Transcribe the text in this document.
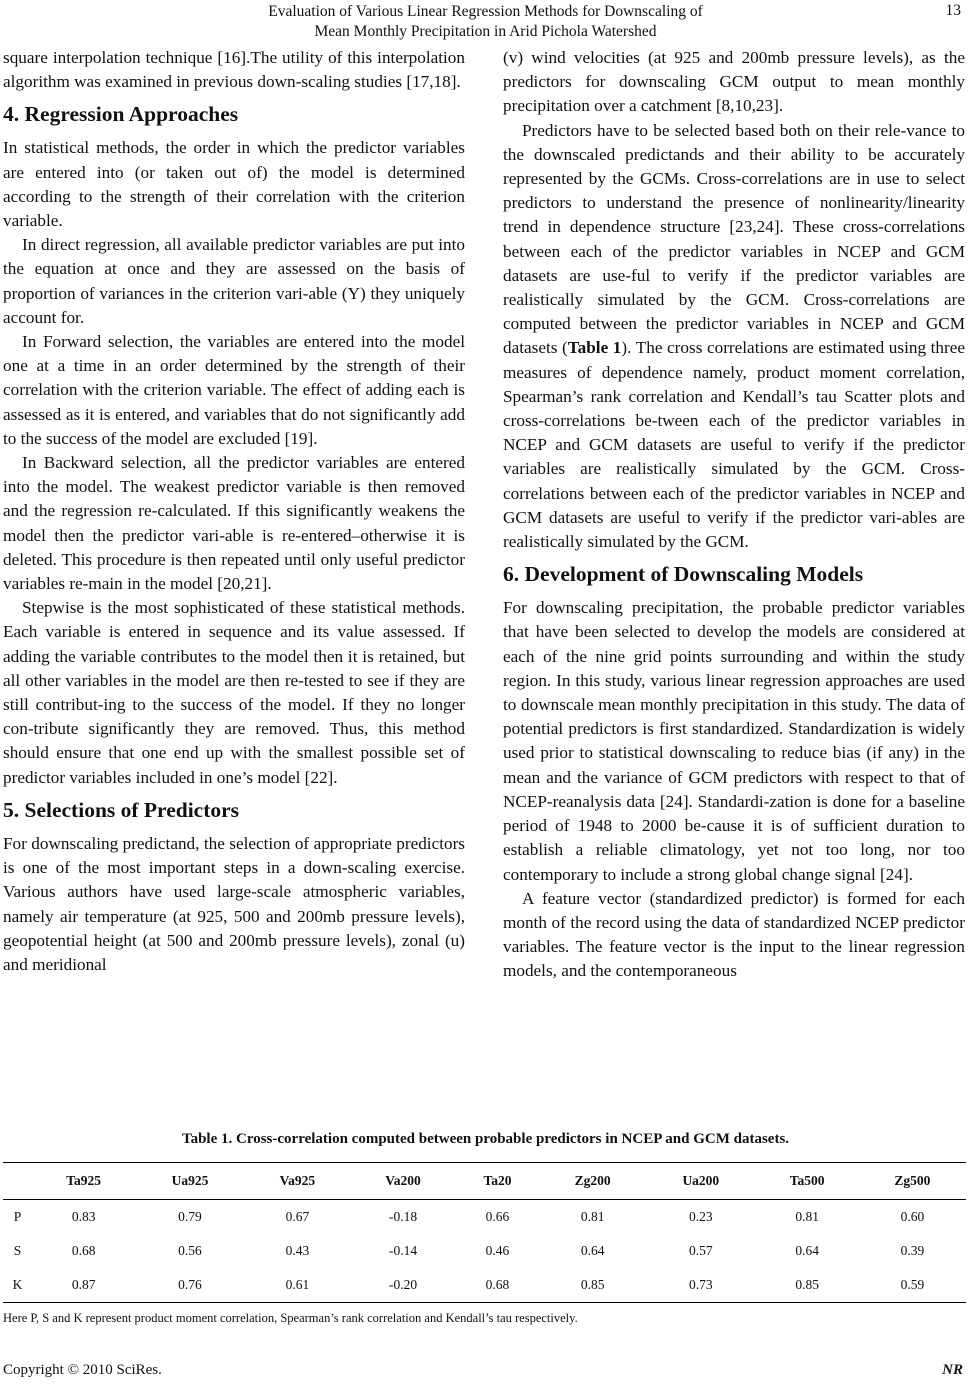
Evaluation of Various Linear Regression Methods for Downscaling of
Mean Monthly Precipitation in Arid Pichola Watershed
13

square interpolation technique [16].The utility of this interpolation algorithm was examined in previous down-scaling studies [17,18].

4. Regression Approaches

In statistical methods, the order in which the predictor variables are entered into (or taken out of) the model is determined according to the strength of their correlation with the criterion variable.

In direct regression, all available predictor variables are put into the equation at once and they are assessed on the basis of proportion of variances in the criterion vari-able (Y) they uniquely account for.

In Forward selection, the variables are entered into the model one at a time in an order determined by the strength of their correlation with the criterion variable. The effect of adding each is assessed as it is entered, and variables that do not significantly add to the success of the model are excluded [19].

In Backward selection, all the predictor variables are entered into the model. The weakest predictor variable is then removed and the regression re-calculated. If this significantly weakens the model then the predictor vari-able is re-entered–otherwise it is deleted. This procedure is then repeated until only useful predictor variables re-main in the model [20,21].

Stepwise is the most sophisticated of these statistical methods. Each variable is entered in sequence and its value assessed. If adding the variable contributes to the model then it is retained, but all other variables in the model are then re-tested to see if they are still contribut-ing to the success of the model. If they no longer con-tribute significantly they are removed. Thus, this method should ensure that one end up with the smallest possible set of predictor variables included in one’s model [22].

5. Selections of Predictors

For downscaling predictand, the selection of appropriate predictors is one of the most important steps in a down-scaling exercise. Various authors have used large-scale atmospheric variables, namely air temperature (at 925, 500 and 200mb pressure levels), geopotential height (at 500 and 200mb pressure levels), zonal (u) and meridional

(v) wind velocities (at 925 and 200mb pressure levels), as the predictors for downscaling GCM output to mean monthly precipitation over a catchment [8,10,23].

Predictors have to be selected based both on their rele-vance to the downscaled predictands and their ability to be accurately represented by the GCMs. Cross-correlations are in use to select predictors to understand the presence of nonlinearity/linearity trend in dependence structure [23,24]. These cross-correlations between each of the predictor variables in NCEP and GCM datasets are use-ful to verify if the predictor variables are realistically simulated by the GCM. Cross-correlations are computed between the predictor variables in NCEP and GCM datasets (Table 1). The cross correlations are estimated using three measures of dependence namely, product moment correlation, Spearman’s rank correlation and Kendall’s tau Scatter plots and cross-correlations be-tween each of the predictor variables in NCEP and GCM datasets are useful to verify if the predictor variables are realistically simulated by the GCM. Cross-correlations between each of the predictor variables in NCEP and GCM datasets are useful to verify if the predictor vari-ables are realistically simulated by the GCM.

6. Development of Downscaling Models

For downscaling precipitation, the probable predictor variables that have been selected to develop the models are considered at each of the nine grid points surrounding and within the study region. In this study, various linear regression approaches are used to downscale mean monthly precipitation in this study. The data of potential predictors is first standardized. Standardization is widely used prior to statistical downscaling to reduce bias (if any) in the mean and the variance of GCM predictors with respect to that of NCEP-reanalysis data [24]. Standardi-zation is done for a baseline period of 1948 to 2000 be-cause it is of sufficient duration to establish a reliable climatology, yet not too long, nor too contemporary to include a strong global change signal [24].

A feature vector (standardized predictor) is formed for each month of the record using the data of standardized NCEP predictor variables. The feature vector is the input to the linear regression models, and the contemporaneous

Table 1. Cross-correlation computed between probable predictors in NCEP and GCM datasets.
	Ta925	Ua925	Va925	Va200	Ta20	Zg200	Ua200	Ta500	Zg500
P	0.83	0.79	0.67	-0.18	0.66	0.81	0.23	0.81	0.60
S	0.68	0.56	0.43	-0.14	0.46	0.64	0.57	0.64	0.39
K	0.87	0.76	0.61	-0.20	0.68	0.85	0.73	0.85	0.59
Here P, S and K represent product moment correlation, Spearman’s rank correlation and Kendall’s tau respectively.
Copyright © 2010 SciRes.	NR
